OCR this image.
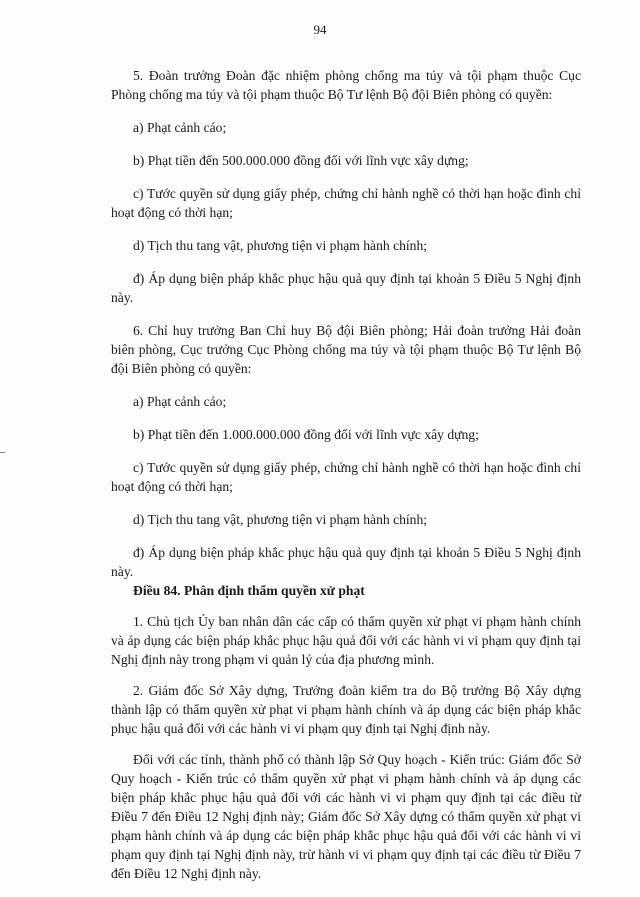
94

5. Đoàn trưởng Đoàn đặc nhiệm phòng chống ma túy và tội phạm thuộc Cục Phòng chống ma túy và tội phạm thuộc Bộ Tư lệnh Bộ đội Biên phòng có quyền:

a) Phạt cảnh cáo;

b) Phạt tiền đến 500.000.000 đồng đối với lĩnh vực xây dựng;

c) Tước quyền sử dụng giấy phép, chứng chỉ hành nghề có thời hạn hoặc đình chỉ hoạt động có thời hạn;

d) Tịch thu tang vật, phương tiện vi phạm hành chính;

đ) Áp dụng biện pháp khắc phục hậu quả quy định tại khoản 5 Điều 5 Nghị định này.

6. Chỉ huy trưởng Ban Chỉ huy Bộ đội Biên phòng; Hải đoàn trưởng Hải đoàn biên phòng, Cục trưởng Cục Phòng chống ma túy và tội phạm thuộc Bộ Tư lệnh Bộ đội Biên phòng có quyền:

a) Phạt cảnh cáo;

b) Phạt tiền đến 1.000.000.000 đồng đối với lĩnh vực xây dựng;

c) Tước quyền sử dụng giấy phép, chứng chỉ hành nghề có thời hạn hoặc đình chỉ hoạt động có thời hạn;

d) Tịch thu tang vật, phương tiện vi phạm hành chính;

đ) Áp dụng biện pháp khắc phục hậu quả quy định tại khoản 5 Điều 5 Nghị định này.

Điều 84. Phân định thẩm quyền xử phạt

1. Chủ tịch Ủy ban nhân dân các cấp có thẩm quyền xử phạt vi phạm hành chính và áp dụng các biện pháp khắc phục hậu quả đối với các hành vi vi phạm quy định tại Nghị định này trong phạm vi quản lý của địa phương mình.

2. Giám đốc Sở Xây dựng, Trưởng đoàn kiểm tra do Bộ trưởng Bộ Xây dựng thành lập có thẩm quyền xử phạt vi phạm hành chính và áp dụng các biện pháp khắc phục hậu quả đối với các hành vi vi phạm quy định tại Nghị định này.

Đối với các tỉnh, thành phố có thành lập Sở Quy hoạch - Kiến trúc: Giám đốc Sở Quy hoạch - Kiến trúc có thẩm quyền xử phạt vi phạm hành chính và áp dụng các biện pháp khắc phục hậu quả đối với các hành vi vi phạm quy định tại các điều từ Điều 7 đến Điều 12 Nghị định này; Giám đốc Sở Xây dựng có thẩm quyền xử phạt vi phạm hành chính và áp dụng các biện pháp khắc phục hậu quả đối với các hành vi vi phạm quy định tại Nghị định này, trừ hành vi vi phạm quy định tại các điều từ Điều 7 đến Điều 12 Nghị định này.
